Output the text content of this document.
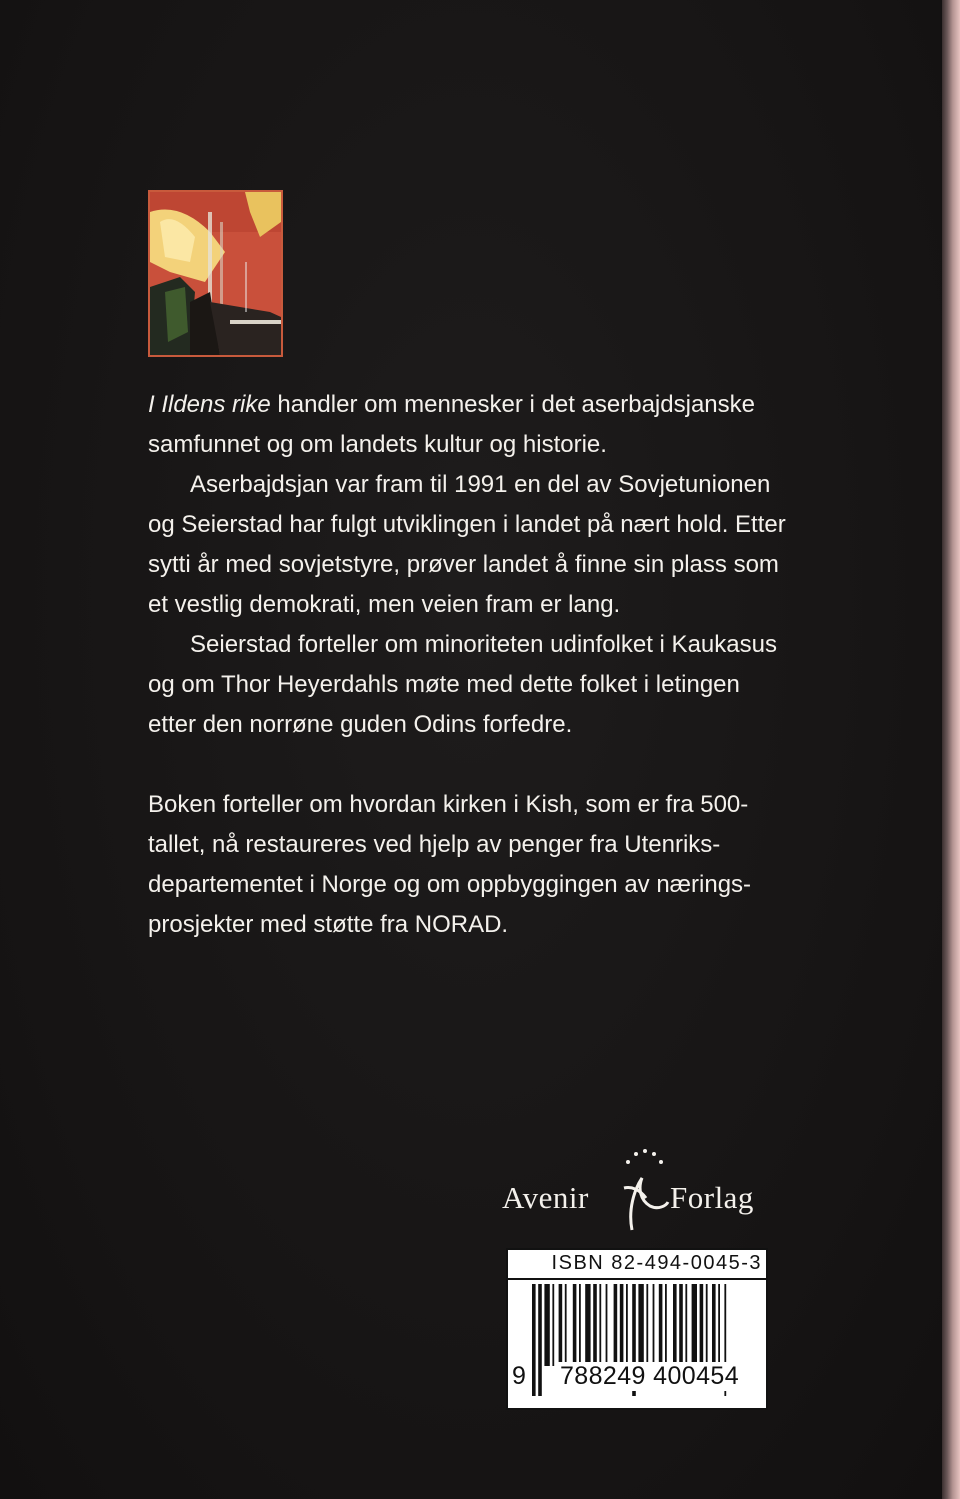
I Ildens rike handler om mennesker i det aserbajdsjanske samfunnet og om landets kultur og historie.

Aserbajdsjan var fram til 1991 en del av Sovjetunionen og Seierstad har fulgt utviklingen i landet på nært hold. Etter sytti år med sovjetstyre, prøver landet å finne sin plass som et vestlig demokrati, men veien fram er lang.

Seierstad forteller om minoriteten udinfolket i Kaukasus og om Thor Heyerdahls møte med dette folket i letingen etter den norrøne guden Odins forfedre.

Boken forteller om hvordan kirken i Kish, som er fra 500-tallet, nå restaureres ved hjelp av penger fra Utenriks-departementet i Norge og om oppbyggingen av nærings-prosjekter med støtte fra NORAD.

Avenir	Forlag
ISBN 82-494-0045-3
9 788249 400454
